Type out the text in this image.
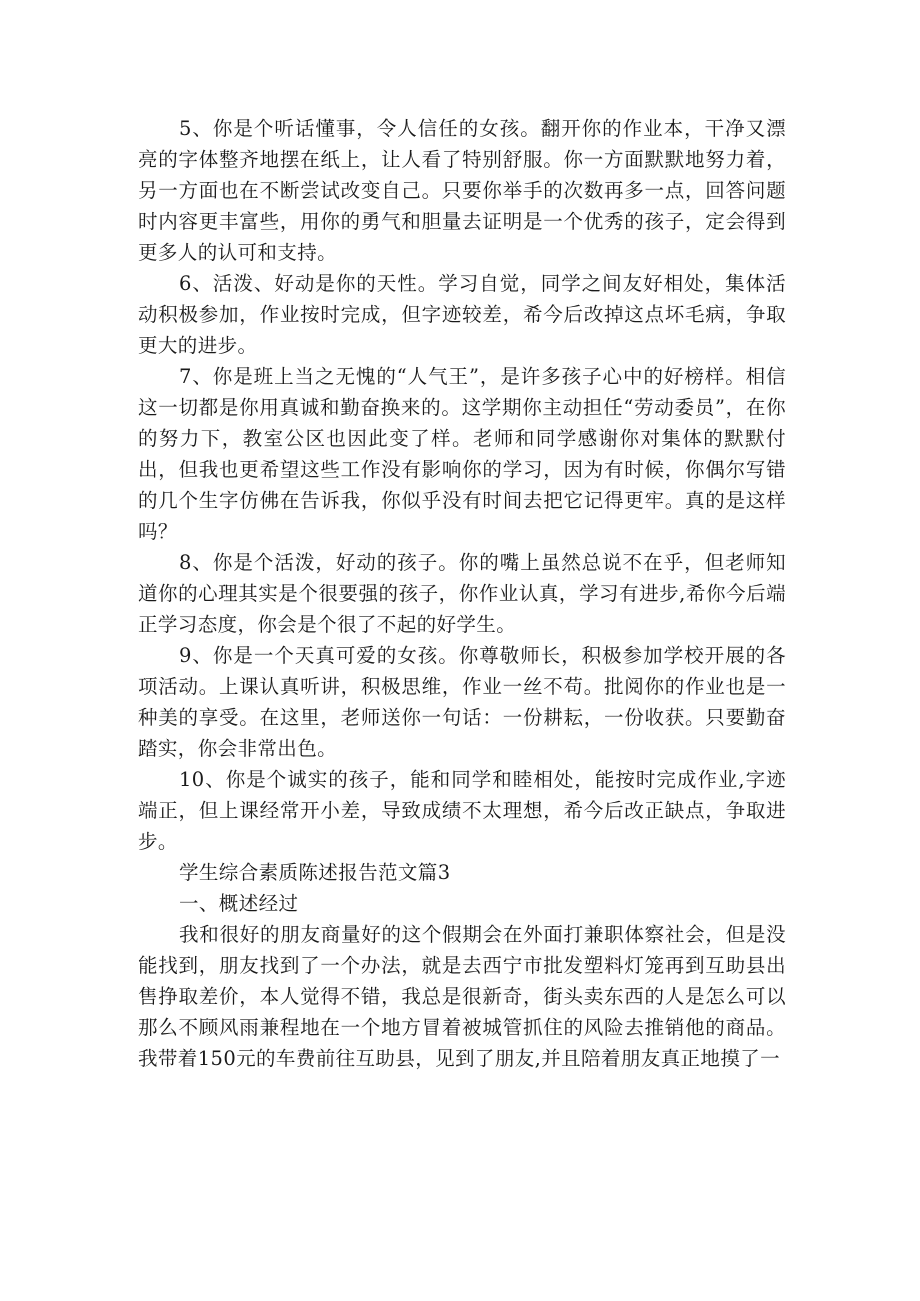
5、你是个听话懂事，令人信任的女孩。翻开你的作业本，干净又漂亮的字体整齐地摆在纸上，让人看了特别舒服。你一方面默默地努力着，另一方面也在不断尝试改变自己。只要你举手的次数再多一点，回答问题时内容更丰富些，用你的勇气和胆量去证明是一个优秀的孩子，定会得到更多人的认可和支持。

6、活泼、好动是你的天性。学习自觉，同学之间友好相处，集体活动积极参加，作业按时完成，但字迹较差，希今后改掉这点坏毛病，争取更大的进步。

7、你是班上当之无愧的“人气王”，是许多孩子心中的好榜样。相信这一切都是你用真诚和勤奋换来的。这学期你主动担任“劳动委员”，在你的努力下，教室公区也因此变了样。老师和同学感谢你对集体的默默付出，但我也更希望这些工作没有影响你的学习，因为有时候，你偶尔写错的几个生字仿佛在告诉我，你似乎没有时间去把它记得更牢。真的是这样吗？

8、你是个活泼，好动的孩子。你的嘴上虽然总说不在乎，但老师知道你的心理其实是个很要强的孩子，你作业认真，学习有进步,希你今后端正学习态度，你会是个很了不起的好学生。

9、你是一个天真可爱的女孩。你尊敬师长，积极参加学校开展的各项活动。上课认真听讲，积极思维，作业一丝不苟。批阅你的作业也是一种美的享受。在这里，老师送你一句话：一份耕耘，一份收获。只要勤奋踏实，你会非常出色。

10、你是个诚实的孩子，能和同学和睦相处，能按时完成作业,字迹端正，但上课经常开小差，导致成绩不太理想，希今后改正缺点，争取进步。

学生综合素质陈述报告范文篇3

一、概述经过

我和很好的朋友商量好的这个假期会在外面打兼职体察社会，但是没能找到，朋友找到了一个办法，就是去西宁市批发塑料灯笼再到互助县出售挣取差价，本人觉得不错，我总是很新奇，街头卖东西的人是怎么可以那么不顾风雨兼程地在一个地方冒着被城管抓住的风险去推销他的商品。我带着150元的车费前往互助县，见到了朋友,并且陪着朋友真正地摸了一
